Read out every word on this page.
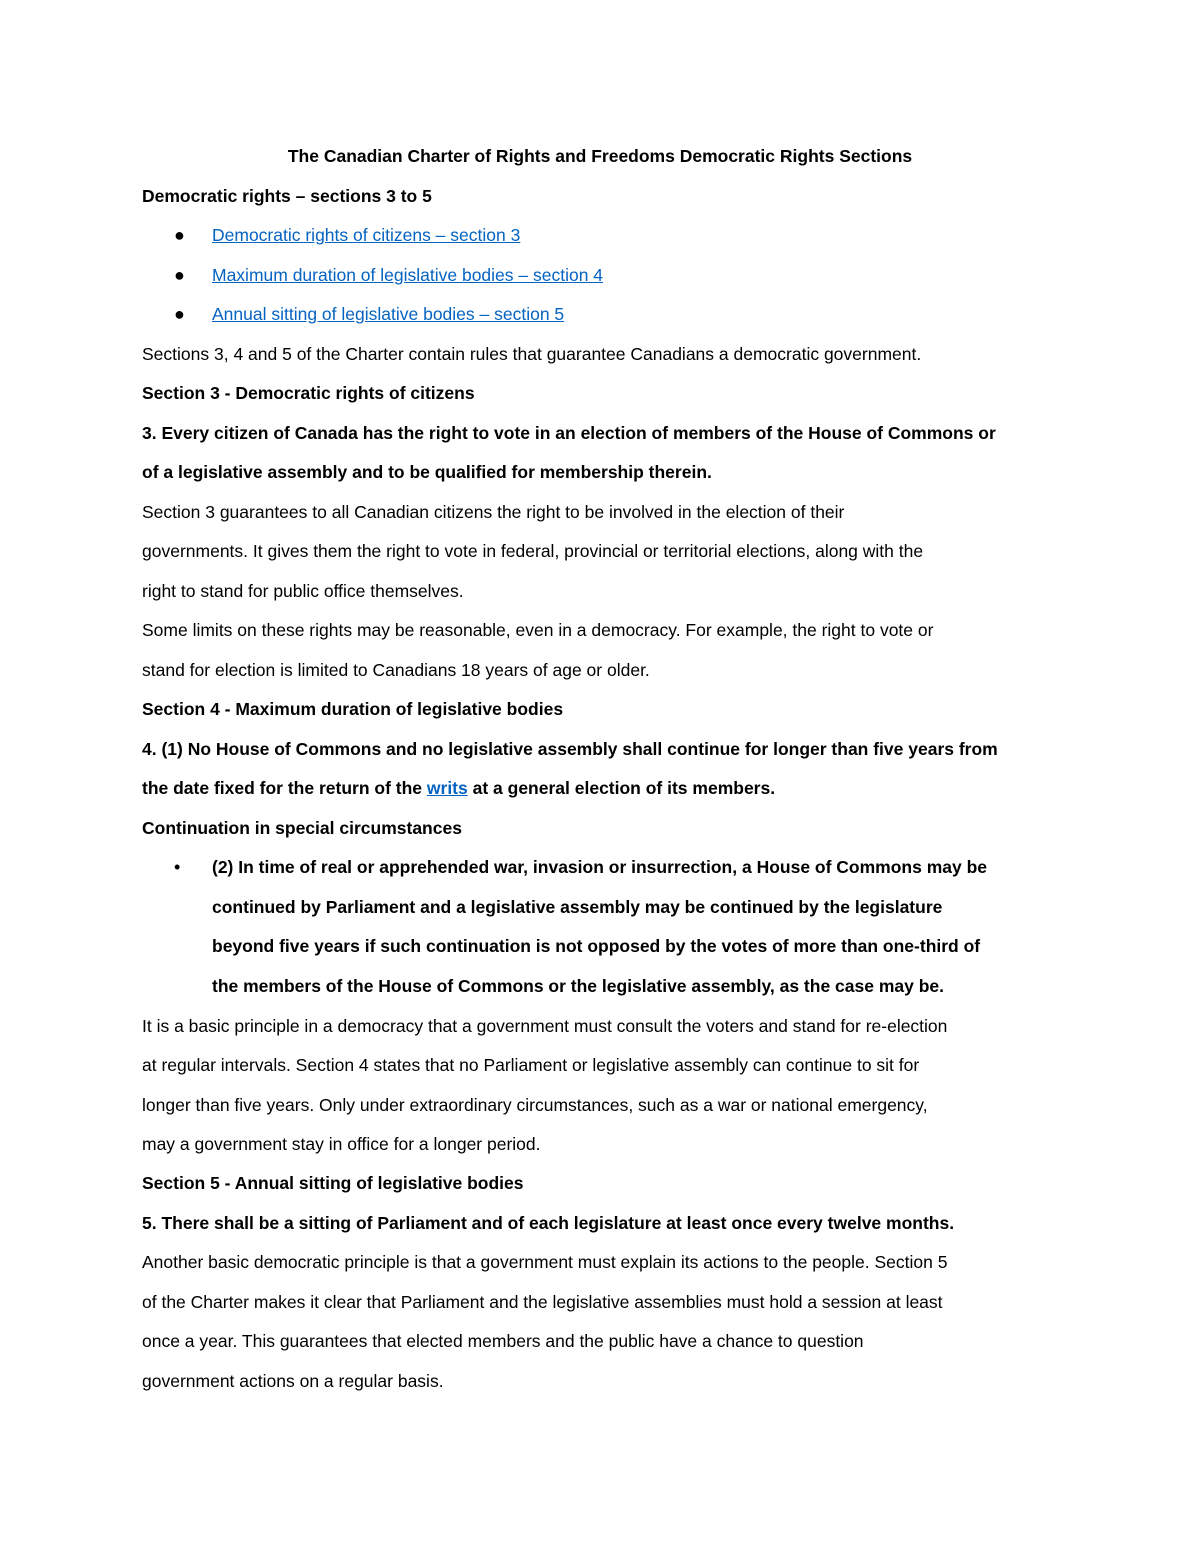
The Canadian Charter of Rights and Freedoms Democratic Rights Sections

Democratic rights – sections 3 to 5

● Democratic rights of citizens – section 3

● Maximum duration of legislative bodies – section 4

● Annual sitting of legislative bodies – section 5

Sections 3, 4 and 5 of the Charter contain rules that guarantee Canadians a democratic government.

Section 3 - Democratic rights of citizens

3. Every citizen of Canada has the right to vote in an election of members of the House of Commons or

of a legislative assembly and to be qualified for membership therein.

Section 3 guarantees to all Canadian citizens the right to be involved in the election of their

governments. It gives them the right to vote in federal, provincial or territorial elections, along with the

right to stand for public office themselves.

Some limits on these rights may be reasonable, even in a democracy. For example, the right to vote or

stand for election is limited to Canadians 18 years of age or older.

Section 4 - Maximum duration of legislative bodies

4. (1) No House of Commons and no legislative assembly shall continue for longer than five years from

the date fixed for the return of the writs at a general election of its members.

Continuation in special circumstances

•	(2) In time of real or apprehended war, invasion or insurrection, a House of Commons may be

continued by Parliament and a legislative assembly may be continued by the legislature

beyond five years if such continuation is not opposed by the votes of more than one-third of

the members of the House of Commons or the legislative assembly, as the case may be.

It is a basic principle in a democracy that a government must consult the voters and stand for re-election

at regular intervals. Section 4 states that no Parliament or legislative assembly can continue to sit for

longer than five years. Only under extraordinary circumstances, such as a war or national emergency,

may a government stay in office for a longer period.

Section 5 - Annual sitting of legislative bodies

5. There shall be a sitting of Parliament and of each legislature at least once every twelve months.

Another basic democratic principle is that a government must explain its actions to the people. Section 5

of the Charter makes it clear that Parliament and the legislative assemblies must hold a session at least

once a year. This guarantees that elected members and the public have a chance to question

government actions on a regular basis.
